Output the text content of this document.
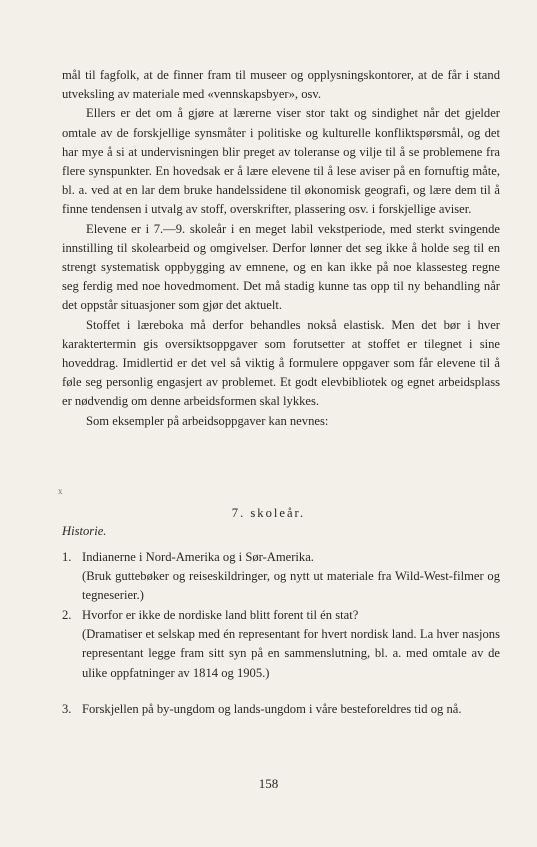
mål til fagfolk, at de finner fram til museer og opplysningskontorer, at de får i stand utveksling av materiale med «vennskapsbyer», osv.

Ellers er det om å gjøre at lærerne viser stor takt og sindighet når det gjelder omtale av de forskjellige synsmåter i politiske og kulturelle konfliktspørsmål, og det har mye å si at undervisningen blir preget av toleranse og vilje til å se problemene fra flere synspunkter. En hovedsak er å lære elevene til å lese aviser på en fornuftig måte, bl. a. ved at en lar dem bruke handelssidene til økonomisk geografi, og lære dem til å finne tendensen i utvalg av stoff, overskrifter, plassering osv. i forskjellige aviser.

Elevene er i 7.—9. skoleår i en meget labil vekstperiode, med sterkt svingende innstilling til skolearbeid og omgivelser. Derfor lønner det seg ikke å holde seg til en strengt systematisk oppbygging av emnene, og en kan ikke på noe klassesteg regne seg ferdig med noe hovedmoment. Det må stadig kunne tas opp til ny behandling når det oppstår situasjoner som gjør det aktuelt.

Stoffet i læreboka må derfor behandles nokså elastisk. Men det bør i hver karaktertermin gis oversiktsoppgaver som forutsetter at stoffet er tilegnet i sine hoveddrag. Imidlertid er det vel så viktig å formulere oppgaver som får elevene til å føle seg personlig engasjert av problemet. Et godt elevbibliotek og egnet arbeidsplass er nødvendig om denne arbeidsformen skal lykkes.

Som eksempler på arbeidsoppgaver kan nevnes:

x
7. skoleår.
Historie.
1. Indianerne i Nord-Amerika og i Sør-Amerika.
(Bruk guttebøker og reiseskildringer, og nytt ut materiale fra Wild-West-filmer og tegneserier.)
2. Hvorfor er ikke de nordiske land blitt forent til én stat?
(Dramatiser et selskap med én representant for hvert nordisk land. La hver nasjons representant legge fram sitt syn på en sammenslutning, bl. a. med omtale av de ulike oppfatninger av 1814 og 1905.)
3. Forskjellen på by-ungdom og lands-ungdom i våre besteforeldres tid og nå.
158
